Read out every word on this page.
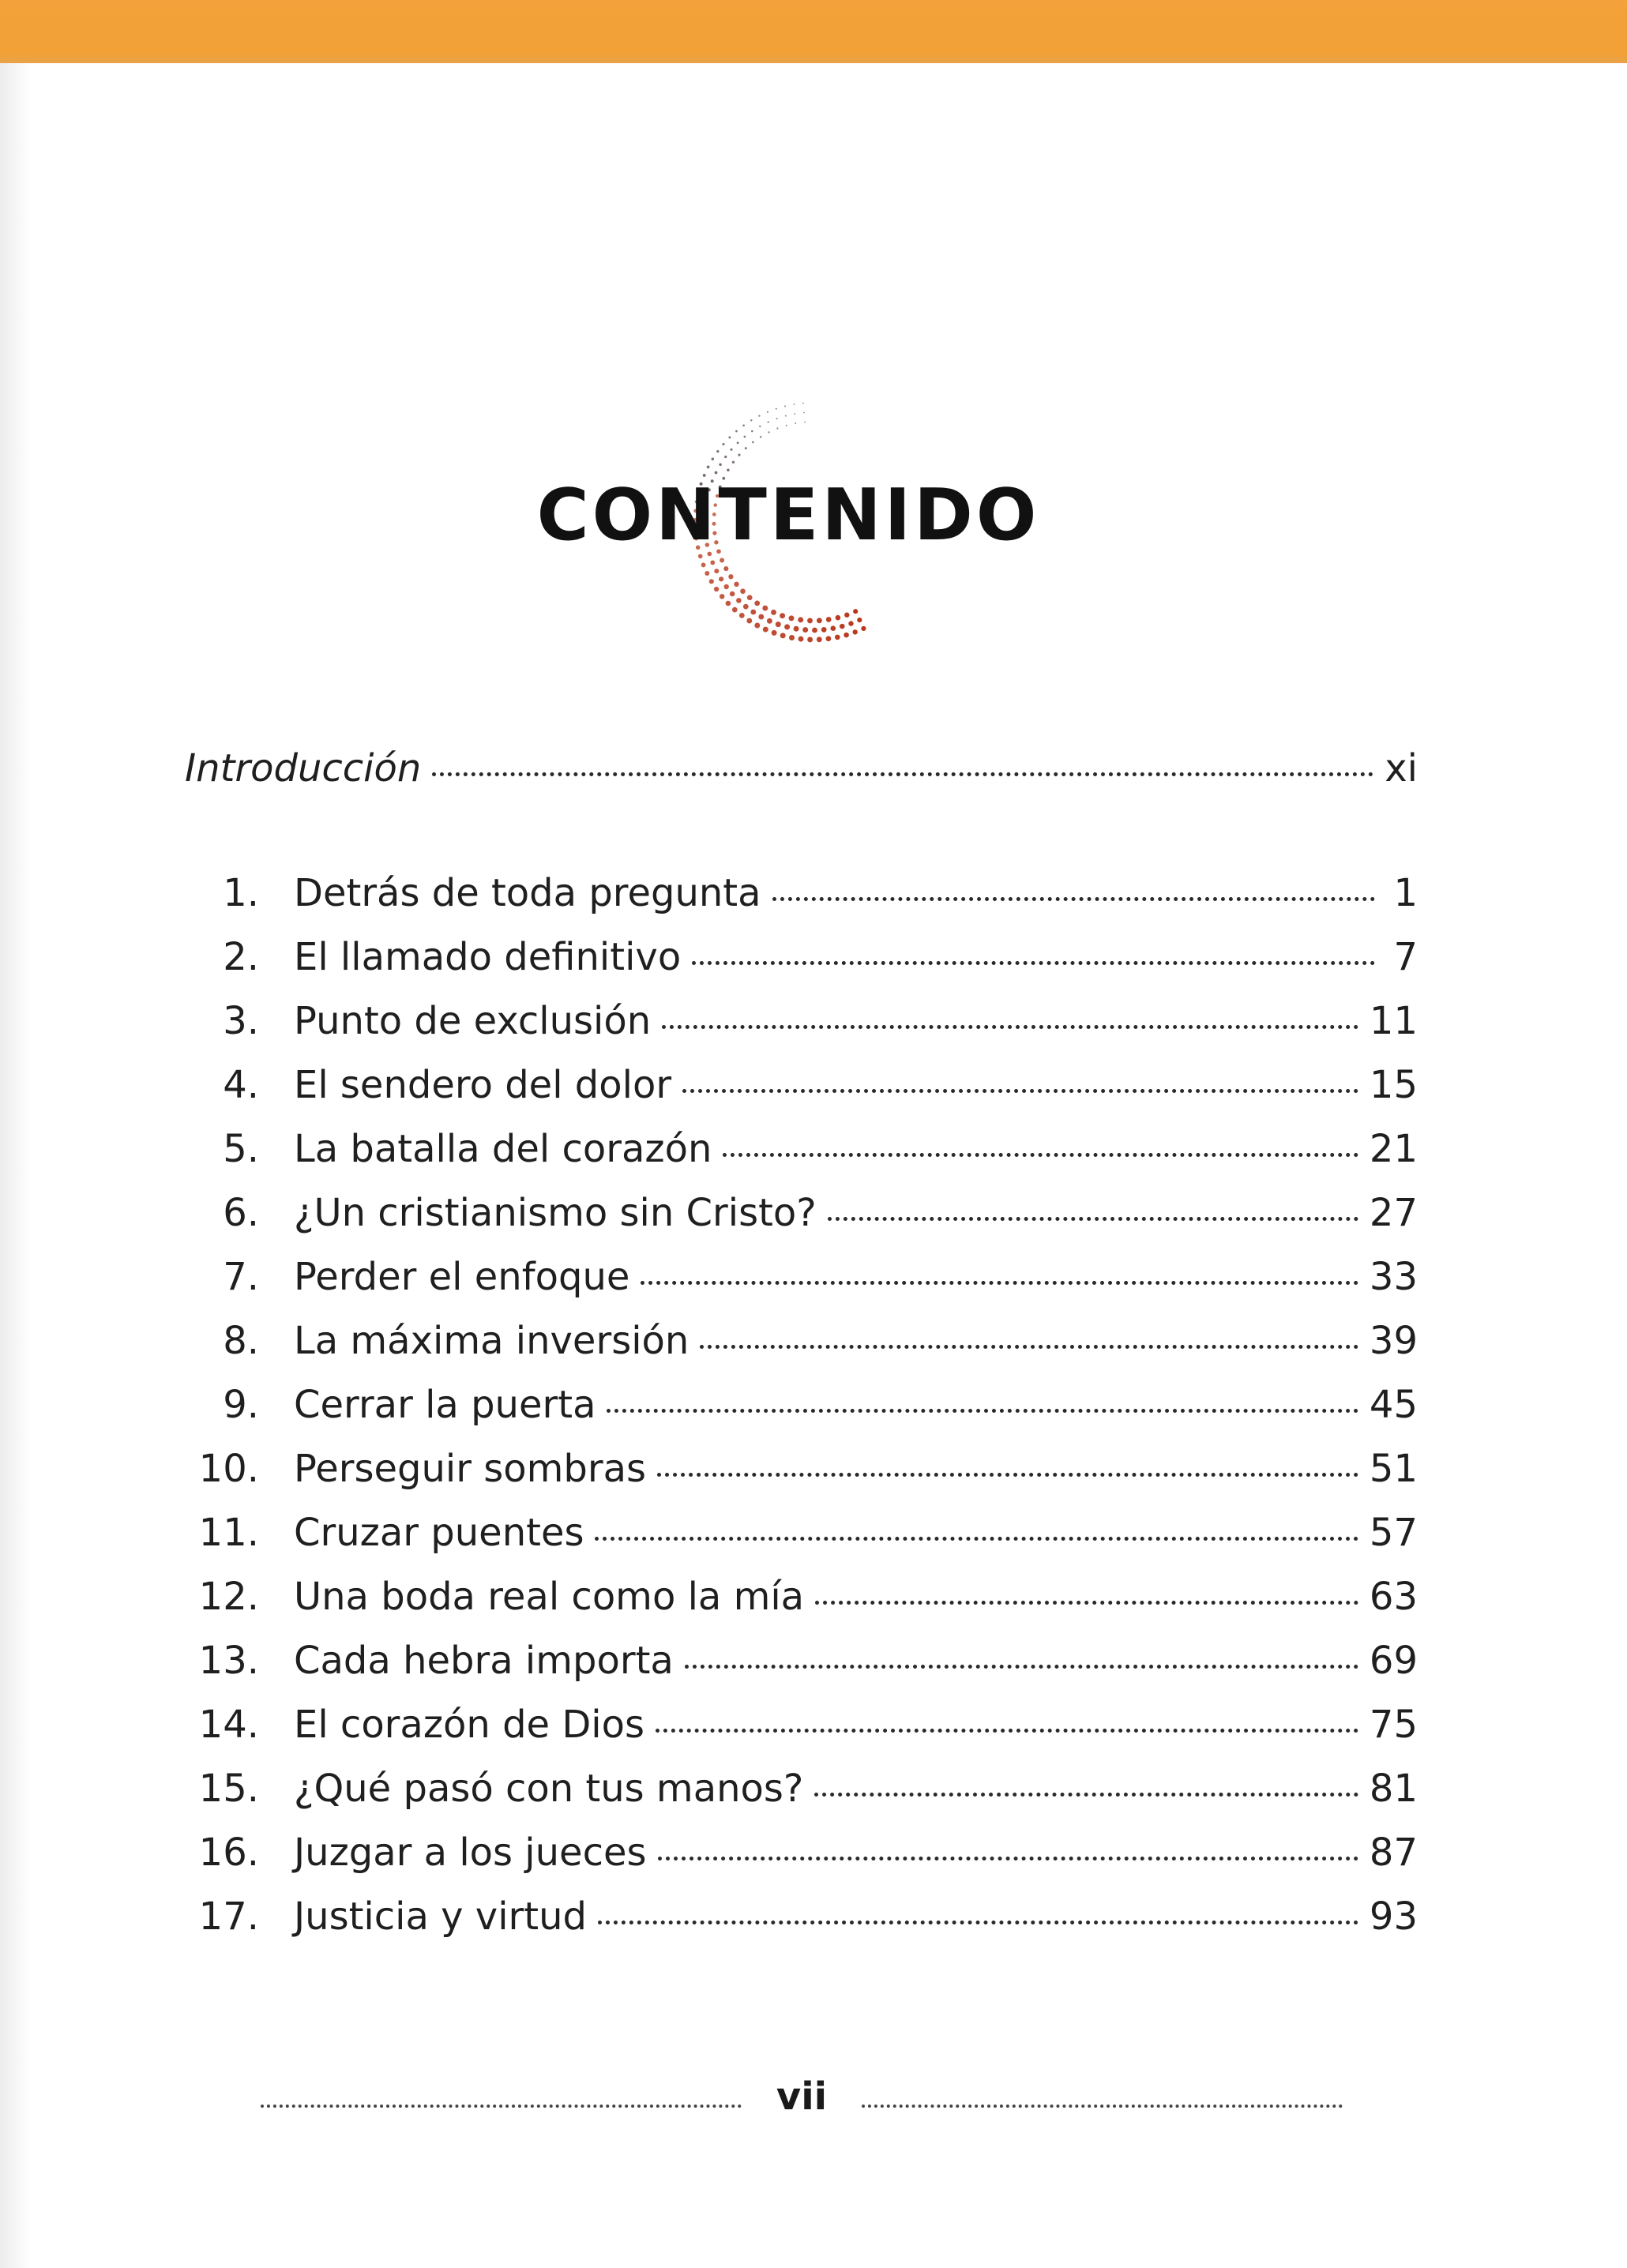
CONTENIDO
Introducción	xi
1. Detrás de toda pregunta	1
2. El llamado definitivo	7
3. Punto de exclusión	11
4. El sendero del dolor	15
5. La batalla del corazón	21
6. ¿Un cristianismo sin Cristo?	27
7. Perder el enfoque	33
8. La máxima inversión	39
9. Cerrar la puerta	45
10. Perseguir sombras	51
11. Cruzar puentes	57
12. Una boda real como la mía	63
13. Cada hebra importa	69
14. El corazón de Dios	75
15. ¿Qué pasó con tus manos?	81
16. Juzgar a los jueces	87
17. Justicia y virtud	93
vii
